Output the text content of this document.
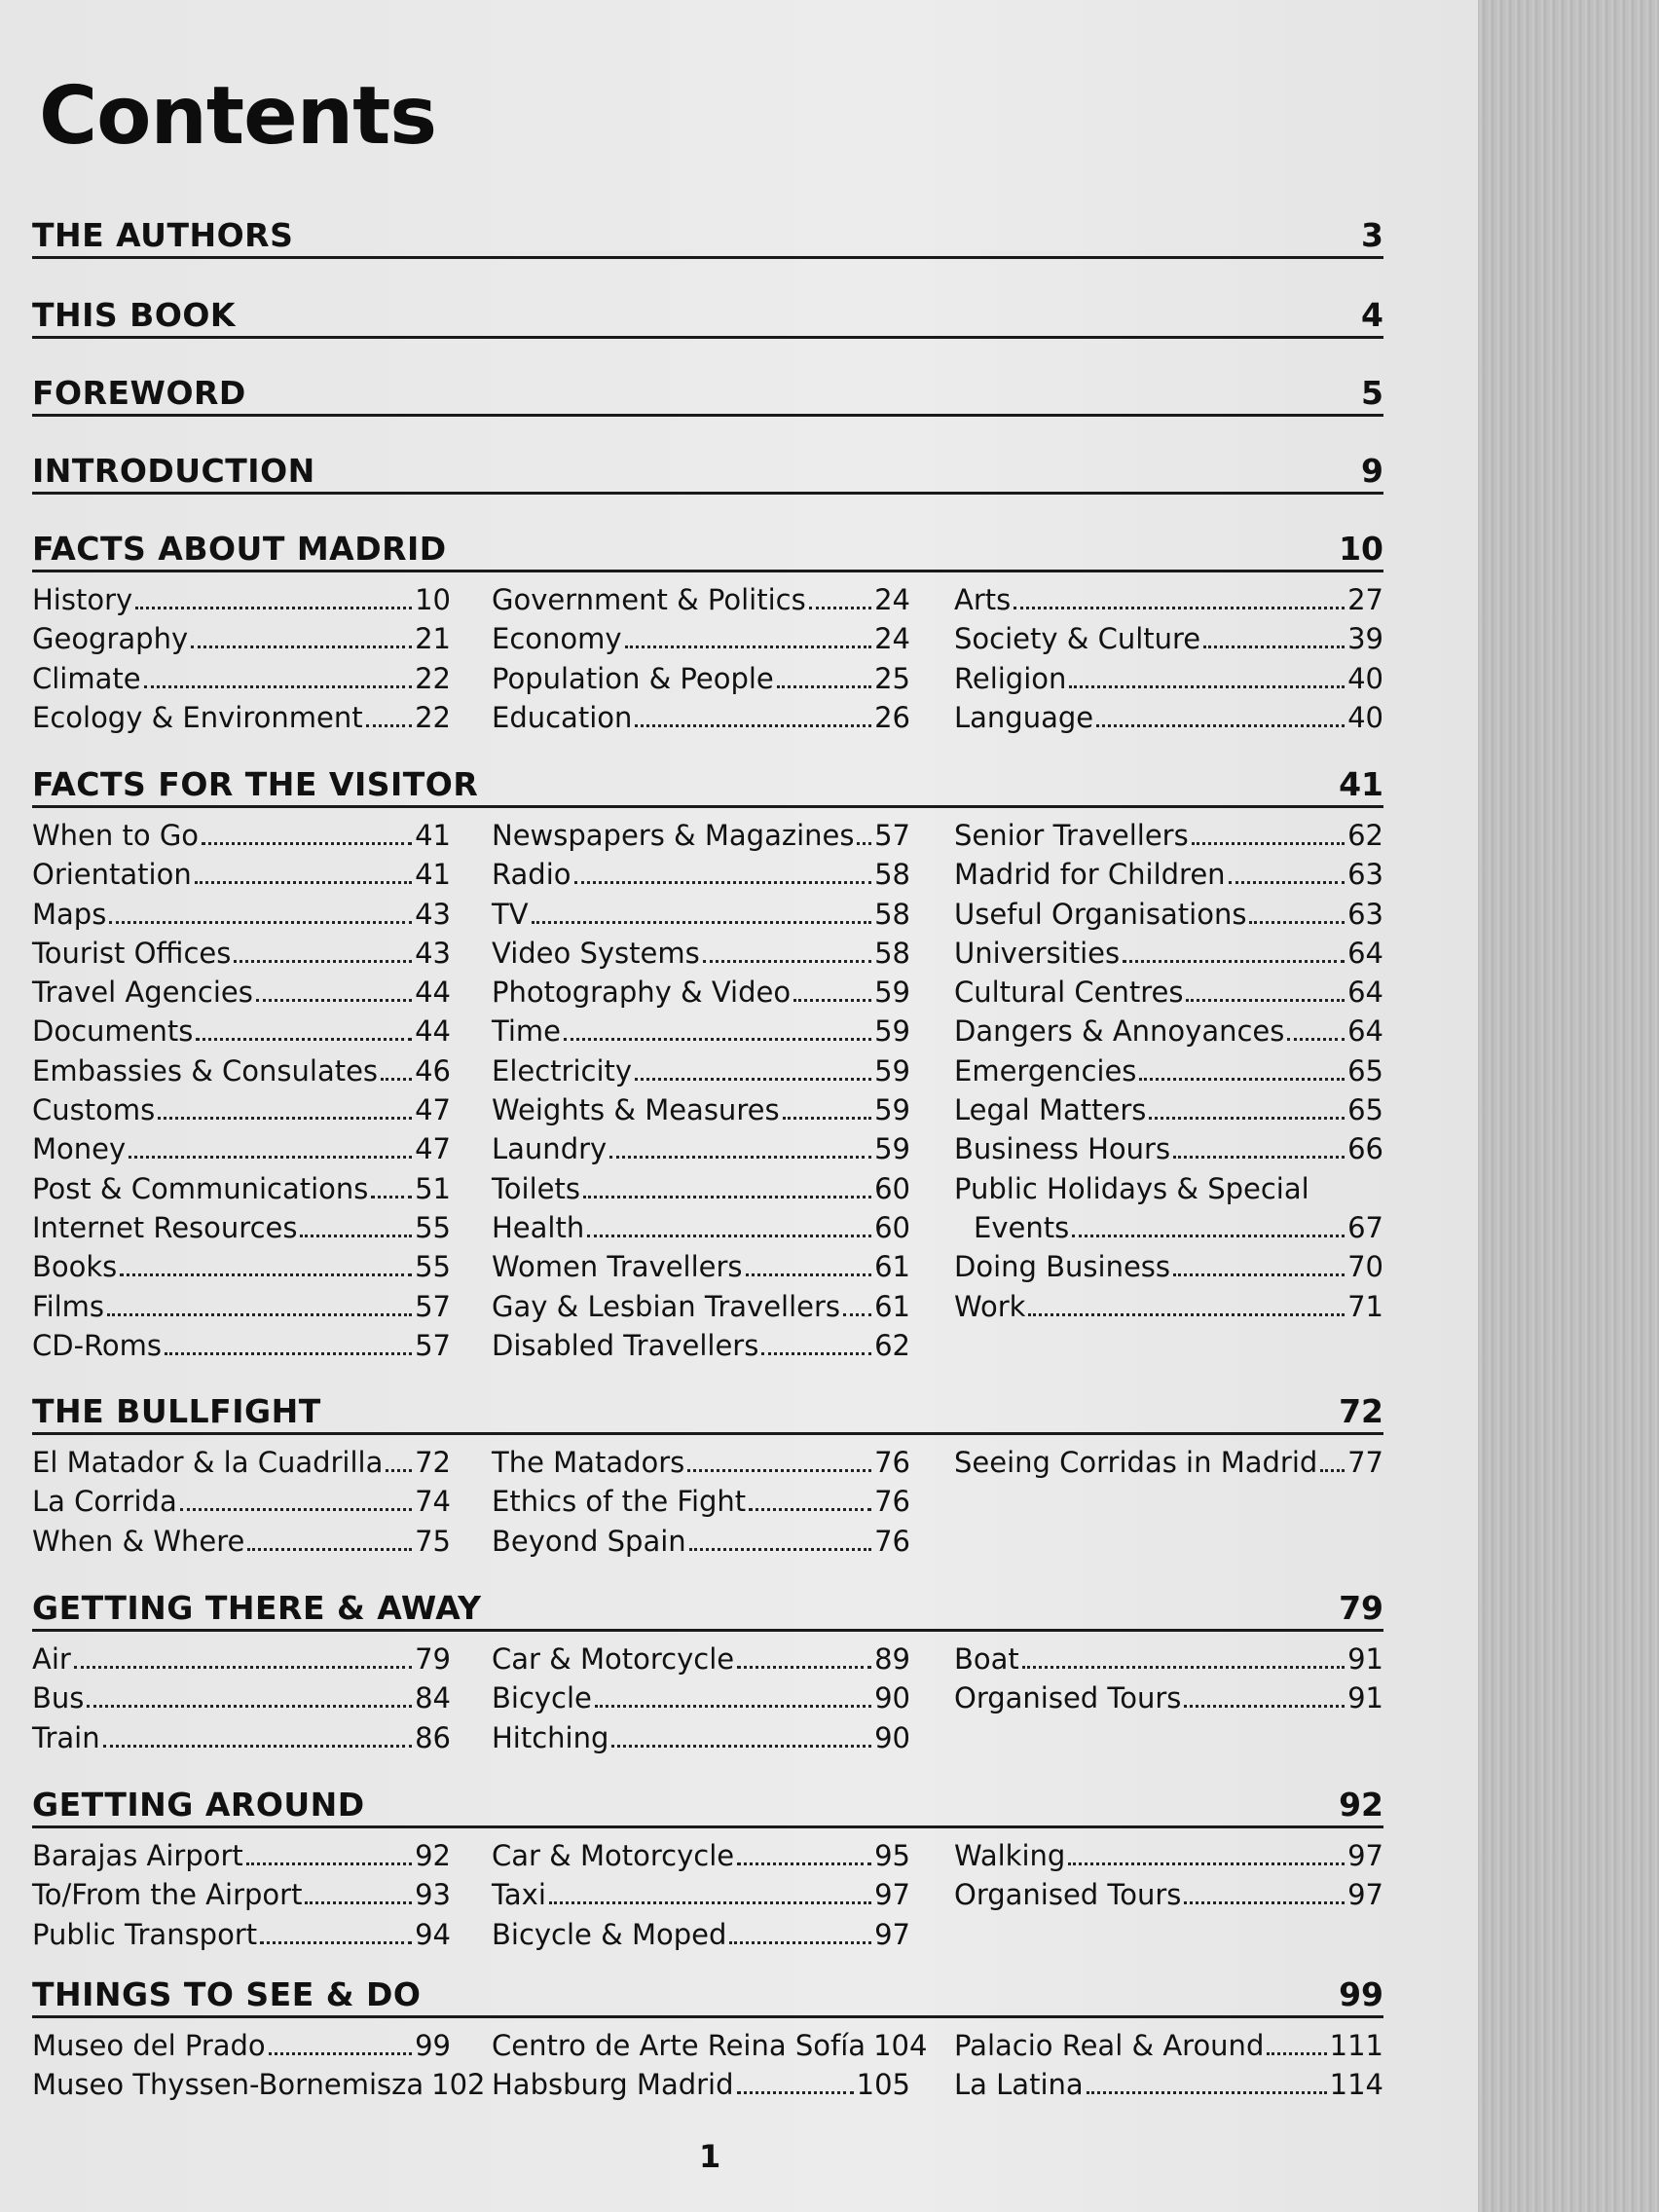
Contents
THE AUTHORS	3
THIS BOOK	4
FOREWORD	5
INTRODUCTION	9
FACTS ABOUT MADRID	10
History	10
Geography	21
Climate	22
Ecology & Environment 22
Government & Politics 24
Economy	24
Population & People	25
Education	26
Arts	27
Society & Culture	39
Religion	40
Language	40
FACTS FOR THE VISITOR	41
When to Go	41
Orientation	41
Maps	43
Tourist Offices	43
Travel Agencies	44
Documents	44
Embassies & Consulates 46
Customs	47
Money	47
Post & Communications 51
Internet Resources	55
Books	55
Films	57
CD-Roms	57
Newspapers & Magazines 57
Radio	58
TV	58
Video Systems	58
Photography & Video	59
Time	59
Electricity	59
Weights & Measures	59
Laundry	59
Toilets	60
Health	60
Women Travellers	61
Gay & Lesbian Travellers 61
Disabled Travellers	62
Senior Travellers	62
Madrid for Children	63
Useful Organisations	63
Universities	64
Cultural Centres	64
Dangers & Annoyances 64
Emergencies	65
Legal Matters	65
Business Hours	66
Public Holidays & Special
Events	67
Doing Business	70
Work	71
THE BULLFIGHT	72
El Matador & la Cuadrilla 72
La Corrida	74
When & Where	75
The Matadors	76
Ethics of the Fight	76
Beyond Spain	76
Seeing Corridas in Madrid 77
GETTING THERE & AWAY	79
Air	79
Bus	84
Train	86
Car & Motorcycle	89
Bicycle	90
Hitching	90
Boat	91
Organised Tours	91
GETTING AROUND	92
Barajas Airport	92
To/From the Airport	93
Public Transport	94
Car & Motorcycle	95
Taxi	97
Bicycle & Moped	97
Walking	97
Organised Tours	97
THINGS TO SEE & DO	99
Museo del Prado	99
Museo Thyssen-Bornemisza 102
Centro de Arte Reina Sofía 104
Habsburg Madrid	105
Palacio Real & Around 111
La Latina	114
1
